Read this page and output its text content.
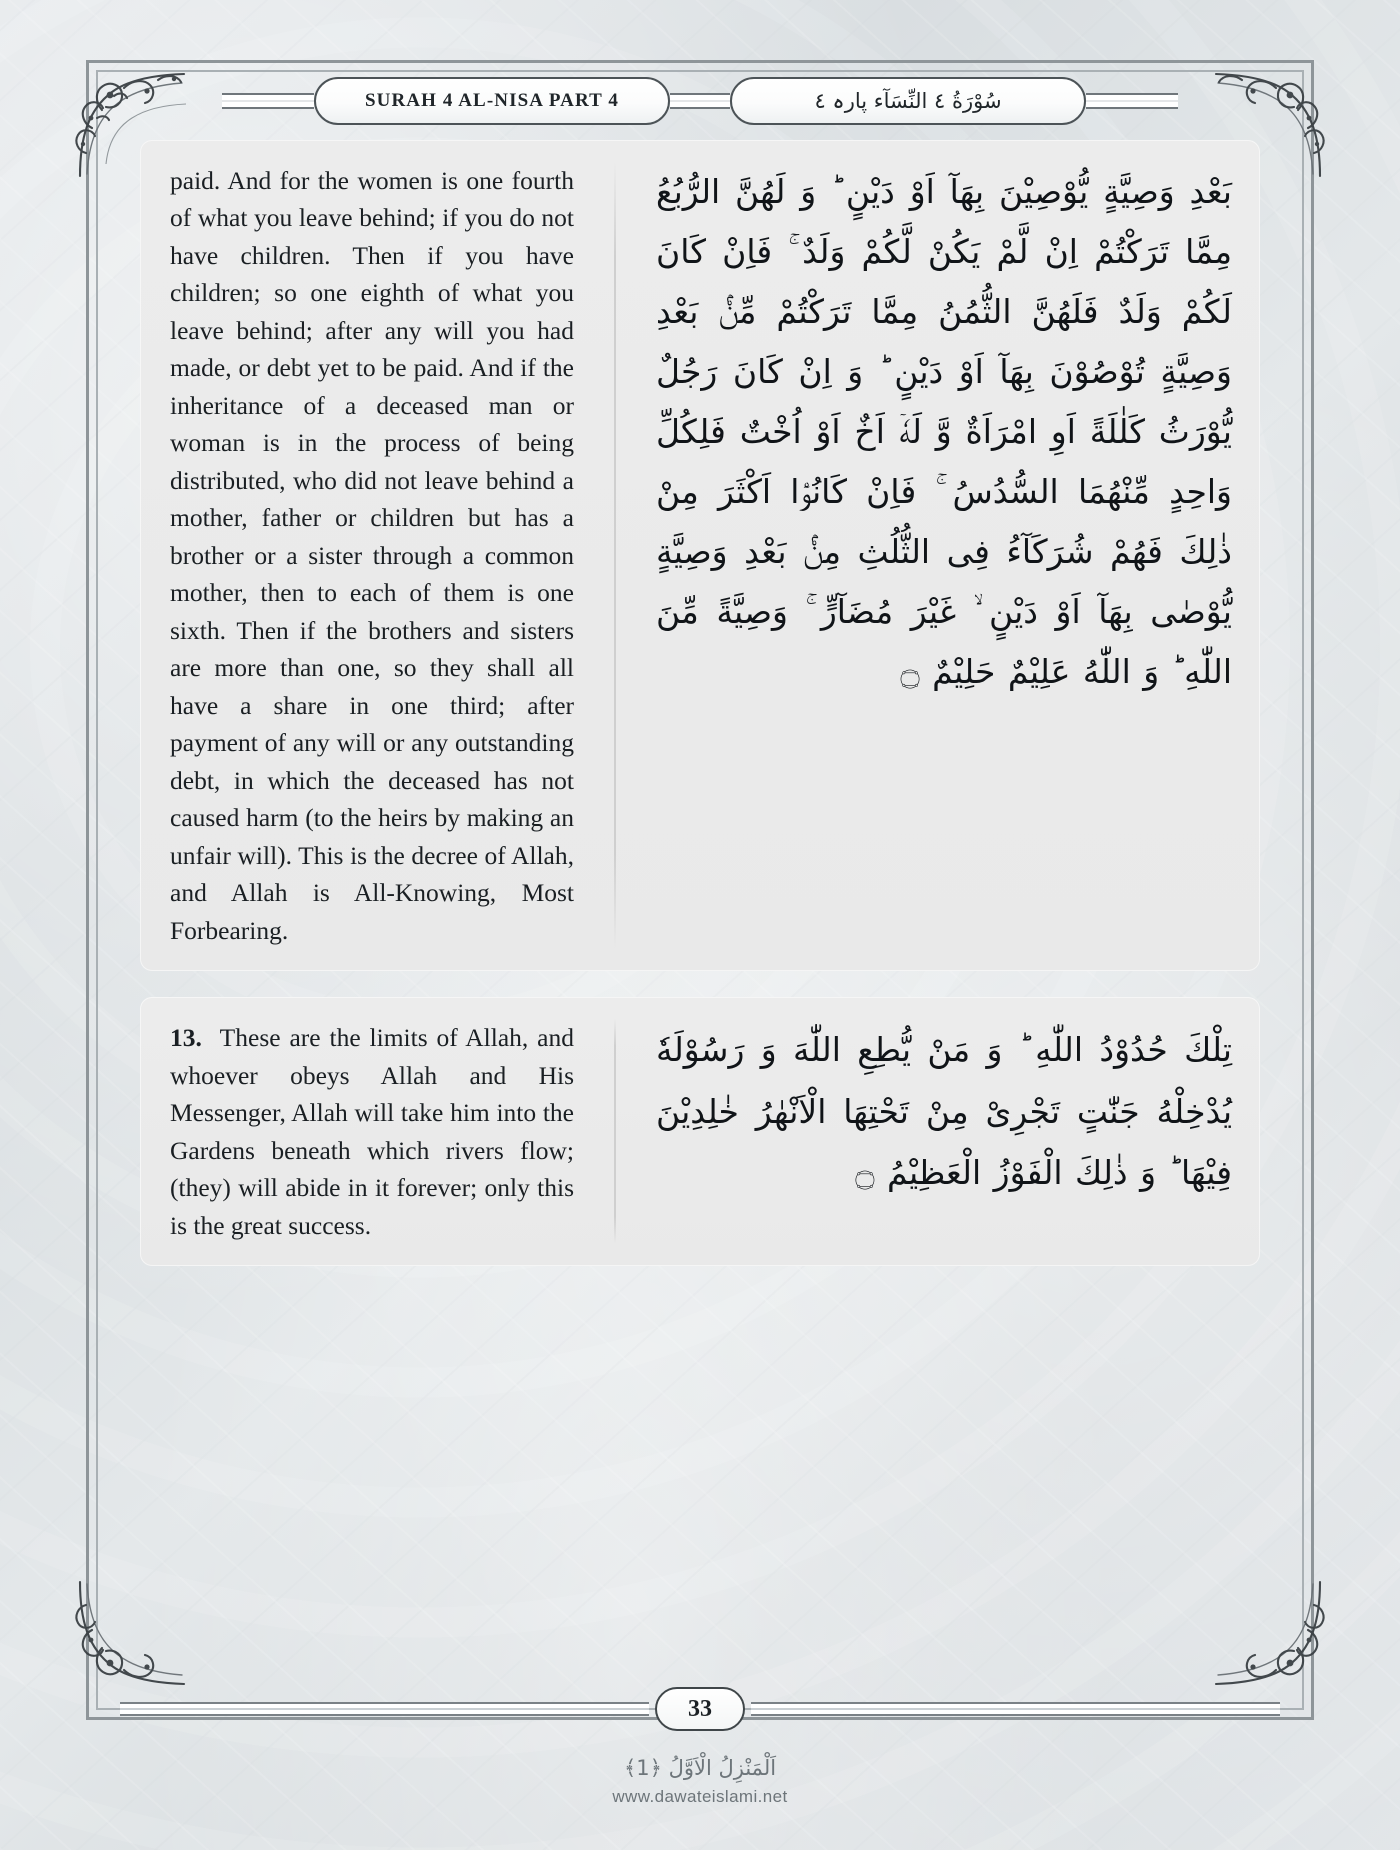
SURAH 4 AL-NISA PART 4	سُوْرَةُ ٤ النِّسَآء پارہ ٤

paid. And for the women is one fourth of what you leave behind; if you do not have children. Then if you have children; so one eighth of what you leave behind; after any will you had made, or debt yet to be paid. And if the inheritance of a deceased man or woman is in the process of being distributed, who did not leave behind a mother, father or children but has a brother or a sister through a common mother, then to each of them is one sixth. Then if the brothers and sisters are more than one, so they shall all have a share in one third; after payment of any will or any outstanding debt, in which the deceased has not caused harm (to the heirs by making an unfair will). This is the decree of Allah, and Allah is All-Knowing, Most Forbearing.

بَعْدِ وَصِيَّةٍ يُّوْصِيْنَ بِهَآ اَوْ دَيْنٍ ؕ وَ لَهُنَّ الرُّبُعُ مِمَّا تَرَكْتُمْ اِنْ لَّمْ يَكُنْ لَّكُمْ وَلَدٌ ۚ فَاِنْ كَانَ لَكُمْ وَلَدٌ فَلَهُنَّ الثُّمُنُ مِمَّا تَرَكْتُمْ مِّنْۢ بَعْدِ وَصِيَّةٍ تُوْصُوْنَ بِهَآ اَوْ دَيْنٍ ؕ وَ اِنْ كَانَ رَجُلٌ يُّوْرَثُ كَلٰلَةً اَوِ امْرَاَةٌ وَّ لَهٗۤ اَخٌ اَوْ اُخْتٌ فَلِكُلِّ وَاحِدٍ مِّنْهُمَا السُّدُسُ ۚ فَاِنْ كَانُوْۤا اَكْثَرَ مِنْ ذٰلِكَ فَهُمْ شُرَكَآءُ فِی الثُّلُثِ مِنْۢ بَعْدِ وَصِيَّةٍ يُّوْصٰى بِهَآ اَوْ دَيْنٍ ۙ غَيْرَ مُضَآرٍّ ۚ وَصِيَّةً مِّنَ اللّٰهِ ؕ وَ اللّٰهُ عَلِيْمٌ حَلِيْمٌ ۝

13. These are the limits of Allah, and whoever obeys Allah and His Messenger, Allah will take him into the Gardens beneath which rivers flow; (they) will abide in it forever; only this is the great success.

تِلْكَ حُدُوْدُ اللّٰهِ ؕ وَ مَنْ يُّطِعِ اللّٰهَ وَ رَسُوْلَهٗ يُدْخِلْهُ جَنّٰتٍ تَجْرِیْ مِنْ تَحْتِهَا الْاَنْهٰرُ خٰلِدِيْنَ فِيْهَا ؕ وَ ذٰلِكَ الْفَوْزُ الْعَظِيْمُ ۝

33

اَلْمَنْزِلُ الْاَوَّلُ ﴿1﴾

www.dawateislami.net
